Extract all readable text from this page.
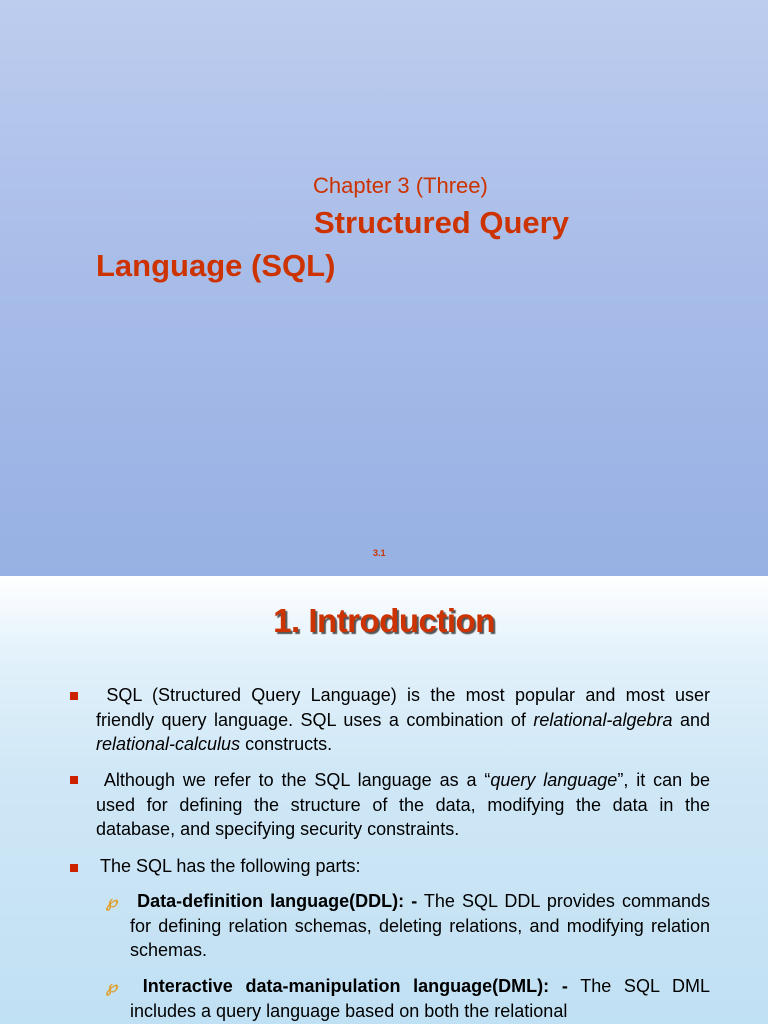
Chapter 3 (Three)
Structured Query
Language (SQL)
3.1
1. Introduction
SQL (Structured Query Language) is the most popular and most user friendly query language. SQL uses a combination of relational-algebra and relational-calculus constructs.
Although we refer to the SQL language as a “query language”, it can be used for defining the structure of the data, modifying the data in the database, and specifying security constraints.
The SQL has the following parts:
℘	Data-definition language(DDL): - The SQL DDL provides commands for defining relation schemas, deleting relations, and modifying relation schemas.
℘	Interactive data-manipulation language(DML): - The SQL DML includes a query language based on both the relational
